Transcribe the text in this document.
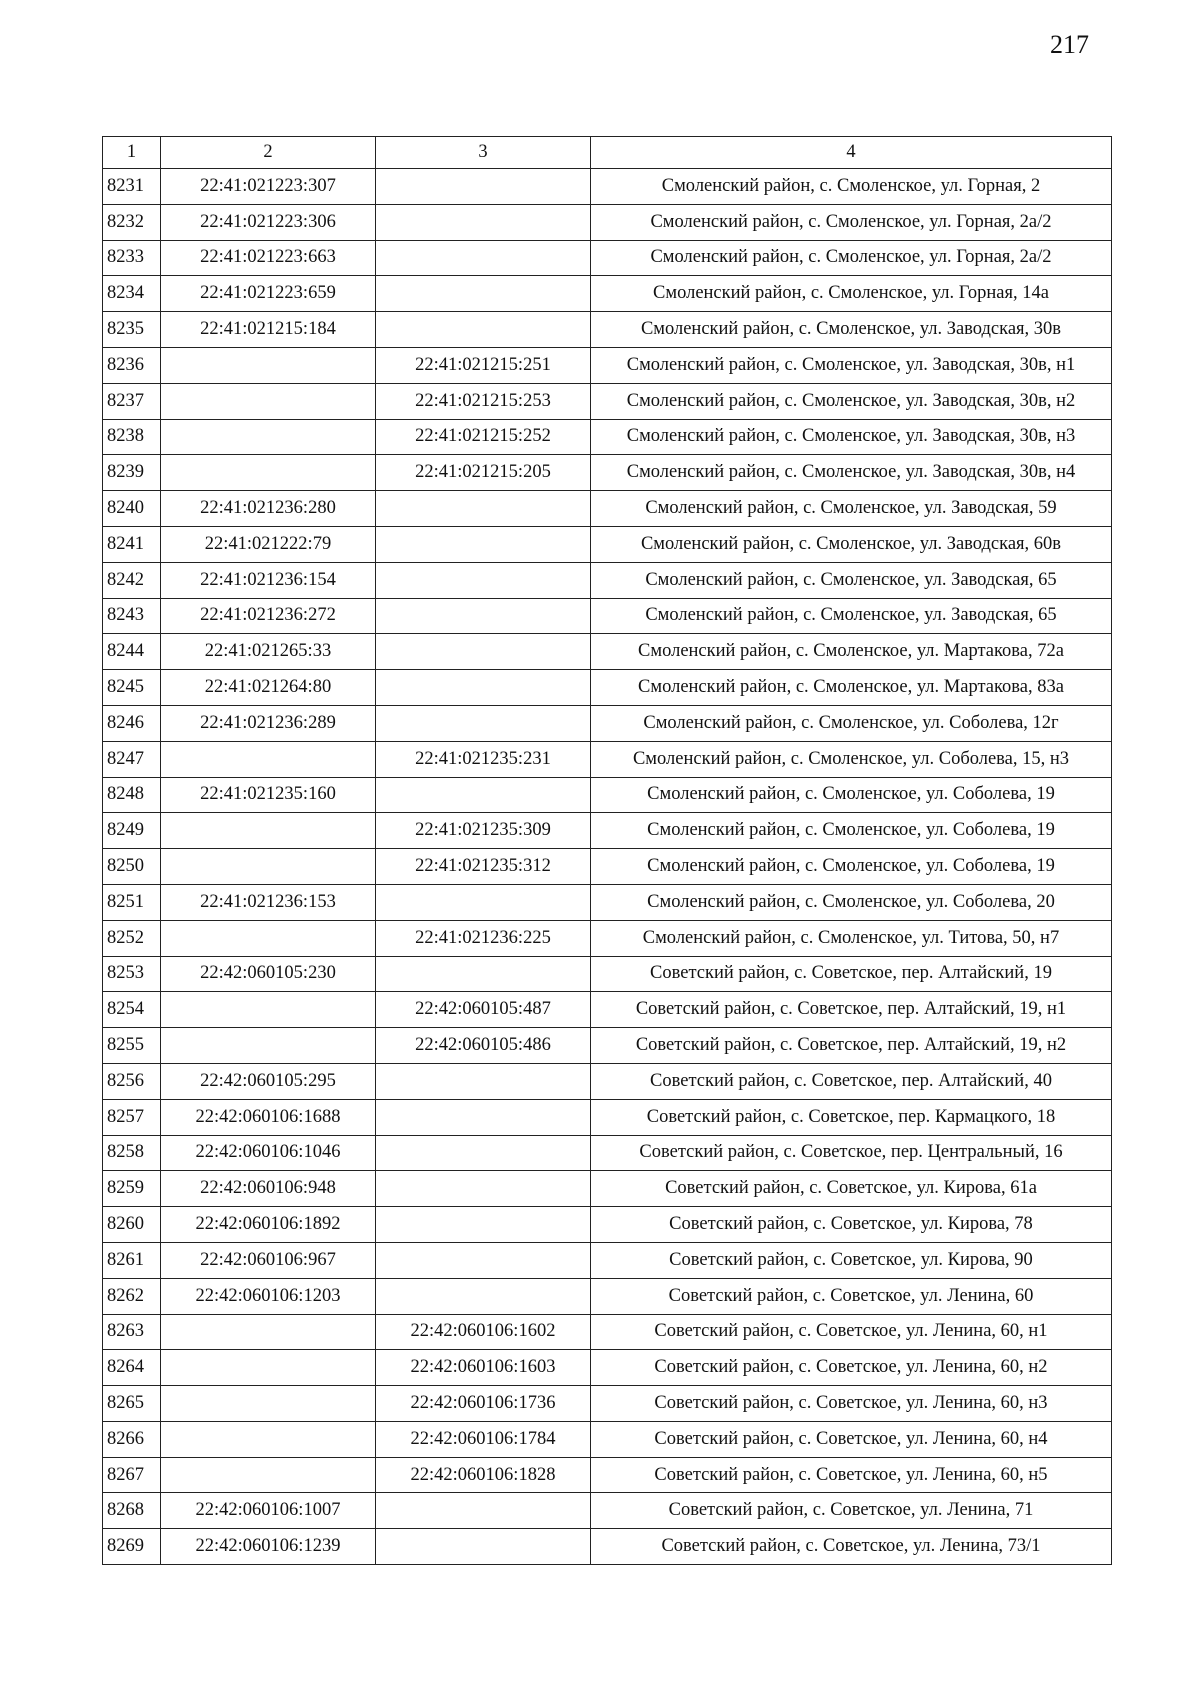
217
1	2	3	4
8231	22:41:021223:307		Смоленский район, с. Смоленское, ул. Горная, 2
8232	22:41:021223:306		Смоленский район, с. Смоленское, ул. Горная, 2а/2
8233	22:41:021223:663		Смоленский район, с. Смоленское, ул. Горная, 2а/2
8234	22:41:021223:659		Смоленский район, с. Смоленское, ул. Горная, 14а
8235	22:41:021215:184		Смоленский район, с. Смоленское, ул. Заводская, 30в
8236		22:41:021215:251	Смоленский район, с. Смоленское, ул. Заводская, 30в, н1
8237		22:41:021215:253	Смоленский район, с. Смоленское, ул. Заводская, 30в, н2
8238		22:41:021215:252	Смоленский район, с. Смоленское, ул. Заводская, 30в, н3
8239		22:41:021215:205	Смоленский район, с. Смоленское, ул. Заводская, 30в, н4
8240	22:41:021236:280		Смоленский район, с. Смоленское, ул. Заводская, 59
8241	22:41:021222:79		Смоленский район, с. Смоленское, ул. Заводская, 60в
8242	22:41:021236:154		Смоленский район, с. Смоленское, ул. Заводская, 65
8243	22:41:021236:272		Смоленский район, с. Смоленское, ул. Заводская, 65
8244	22:41:021265:33		Смоленский район, с. Смоленское, ул. Мартакова, 72а
8245	22:41:021264:80		Смоленский район, с. Смоленское, ул. Мартакова, 83а
8246	22:41:021236:289		Смоленский район, с. Смоленское, ул. Соболева, 12г
8247		22:41:021235:231	Смоленский район, с. Смоленское, ул. Соболева, 15, н3
8248	22:41:021235:160		Смоленский район, с. Смоленское, ул. Соболева, 19
8249		22:41:021235:309	Смоленский район, с. Смоленское, ул. Соболева, 19
8250		22:41:021235:312	Смоленский район, с. Смоленское, ул. Соболева, 19
8251	22:41:021236:153		Смоленский район, с. Смоленское, ул. Соболева, 20
8252		22:41:021236:225	Смоленский район, с. Смоленское, ул. Титова, 50, н7
8253	22:42:060105:230		Советский район, с. Советское, пер. Алтайский, 19
8254		22:42:060105:487	Советский район, с. Советское, пер. Алтайский, 19, н1
8255		22:42:060105:486	Советский район, с. Советское, пер. Алтайский, 19, н2
8256	22:42:060105:295		Советский район, с. Советское, пер. Алтайский, 40
8257	22:42:060106:1688		Советский район, с. Советское, пер. Кармацкого, 18
8258	22:42:060106:1046		Советский район, с. Советское, пер. Центральный, 16
8259	22:42:060106:948		Советский район, с. Советское, ул. Кирова, 61а
8260	22:42:060106:1892		Советский район, с. Советское, ул. Кирова, 78
8261	22:42:060106:967		Советский район, с. Советское, ул. Кирова, 90
8262	22:42:060106:1203		Советский район, с. Советское, ул. Ленина, 60
8263		22:42:060106:1602	Советский район, с. Советское, ул. Ленина, 60, н1
8264		22:42:060106:1603	Советский район, с. Советское, ул. Ленина, 60, н2
8265		22:42:060106:1736	Советский район, с. Советское, ул. Ленина, 60, н3
8266		22:42:060106:1784	Советский район, с. Советское, ул. Ленина, 60, н4
8267		22:42:060106:1828	Советский район, с. Советское, ул. Ленина, 60, н5
8268	22:42:060106:1007		Советский район, с. Советское, ул. Ленина, 71
8269	22:42:060106:1239		Советский район, с. Советское, ул. Ленина, 73/1
